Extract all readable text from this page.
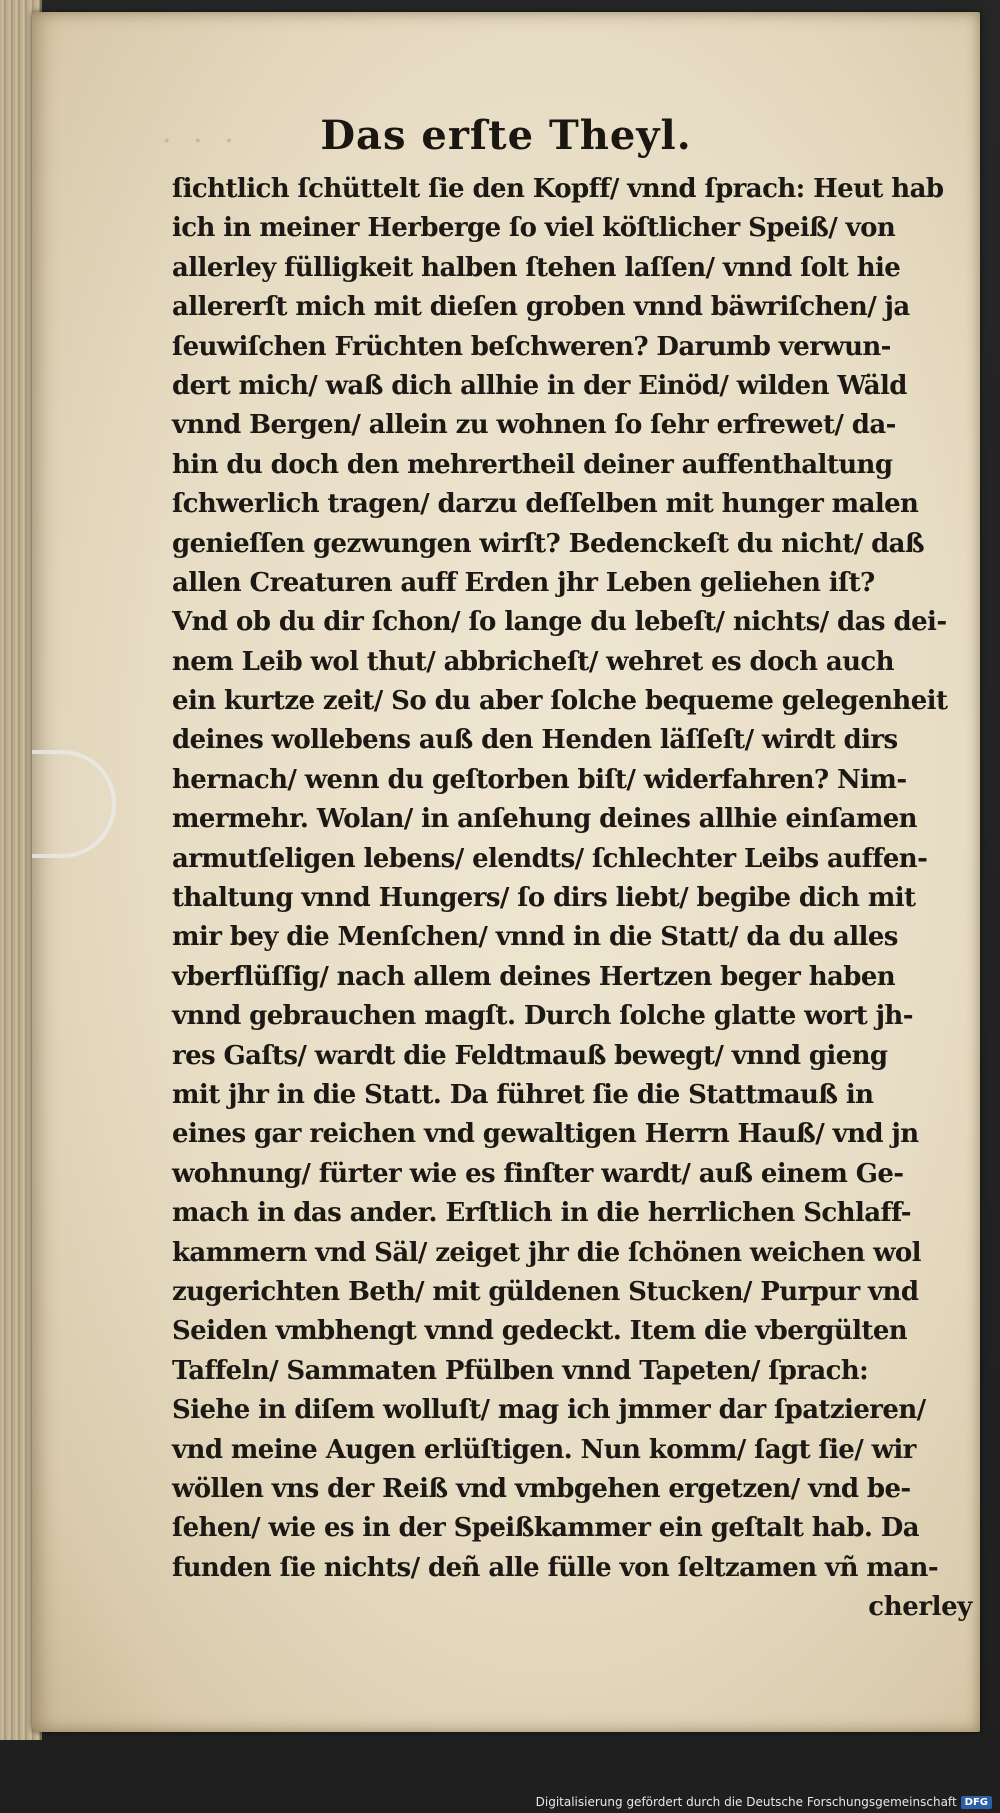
· · ·	Das erſte Theyl.
ſichtlich ſchüttelt ſie den Kopff/ vnnd ſprach: Heut hab
ich in meiner Herberge ſo viel köſtlicher Speiß/ von
allerley fülligkeit halben ſtehen laſſen/ vnnd ſolt hie
allererſt mich mit dieſen groben vnnd bäwriſchen/ ja
ſeuwiſchen Früchten beſchweren? Darumb verwun-
dert mich/ waß dich allhie in der Einöd/ wilden Wäld
vnnd Bergen/ allein zu wohnen ſo ſehr erfrewet/ da-
hin du doch den mehrertheil deiner auffenthaltung
ſchwerlich tragen/ darzu deſſelben mit hunger malen
genieſſen gezwungen wirſt? Bedenckeſt du nicht/ daß
allen Creaturen auff Erden jhr Leben geliehen iſt?
Vnd ob du dir ſchon/ ſo lange du lebeſt/ nichts/ das dei-
nem Leib wol thut/ abbricheſt/ wehret es doch auch
ein kurtze zeit/ So du aber ſolche bequeme gelegenheit
deines wollebens auß den Henden läſſeſt/ wirdt dirs
hernach/ wenn du geſtorben biſt/ widerfahren? Nim-
mermehr. Wolan/ in anſehung deines allhie einſamen
armutſeligen lebens/ elendts/ ſchlechter Leibs auffen-
thaltung vnnd Hungers/ ſo dirs liebt/ begibe dich mit
mir bey die Menſchen/ vnnd in die Statt/ da du alles
vberflüſſig/ nach allem deines Hertzen beger haben
vnnd gebrauchen magſt. Durch ſolche glatte wort jh-
res Gaſts/ wardt die Feldtmauß bewegt/ vnnd gieng
mit jhr in die Statt. Da führet ſie die Stattmauß in
eines gar reichen vnd gewaltigen Herrn Hauß/ vnd jn
wohnung/ fürter wie es finſter wardt/ auß einem Ge-
mach in das ander. Erſtlich in die herrlichen Schlaff-
kammern vnd Säl/ zeiget jhr die ſchönen weichen wol
zugerichten Beth/ mit güldenen Stucken/ Purpur vnd
Seiden vmbhengt vnnd gedeckt. Item die vbergülten
Taffeln/ Sammaten Pfülben vnnd Tapeten/ ſprach:
Siehe in diſem wolluſt/ mag ich jmmer dar ſpatzieren/
vnd meine Augen erlüſtigen. Nun komm/ ſagt ſie/ wir
wöllen vns der Reiß vnd vmbgehen ergetzen/ vnd be-
ſehen/ wie es in der Speißkammer ein geſtalt hab. Da
funden ſie nichts/ deñ alle fülle von ſeltzamen vñ man-
cherley
Digitalisierung gefördert durch die Deutsche Forschungsgemeinschaft DFG
